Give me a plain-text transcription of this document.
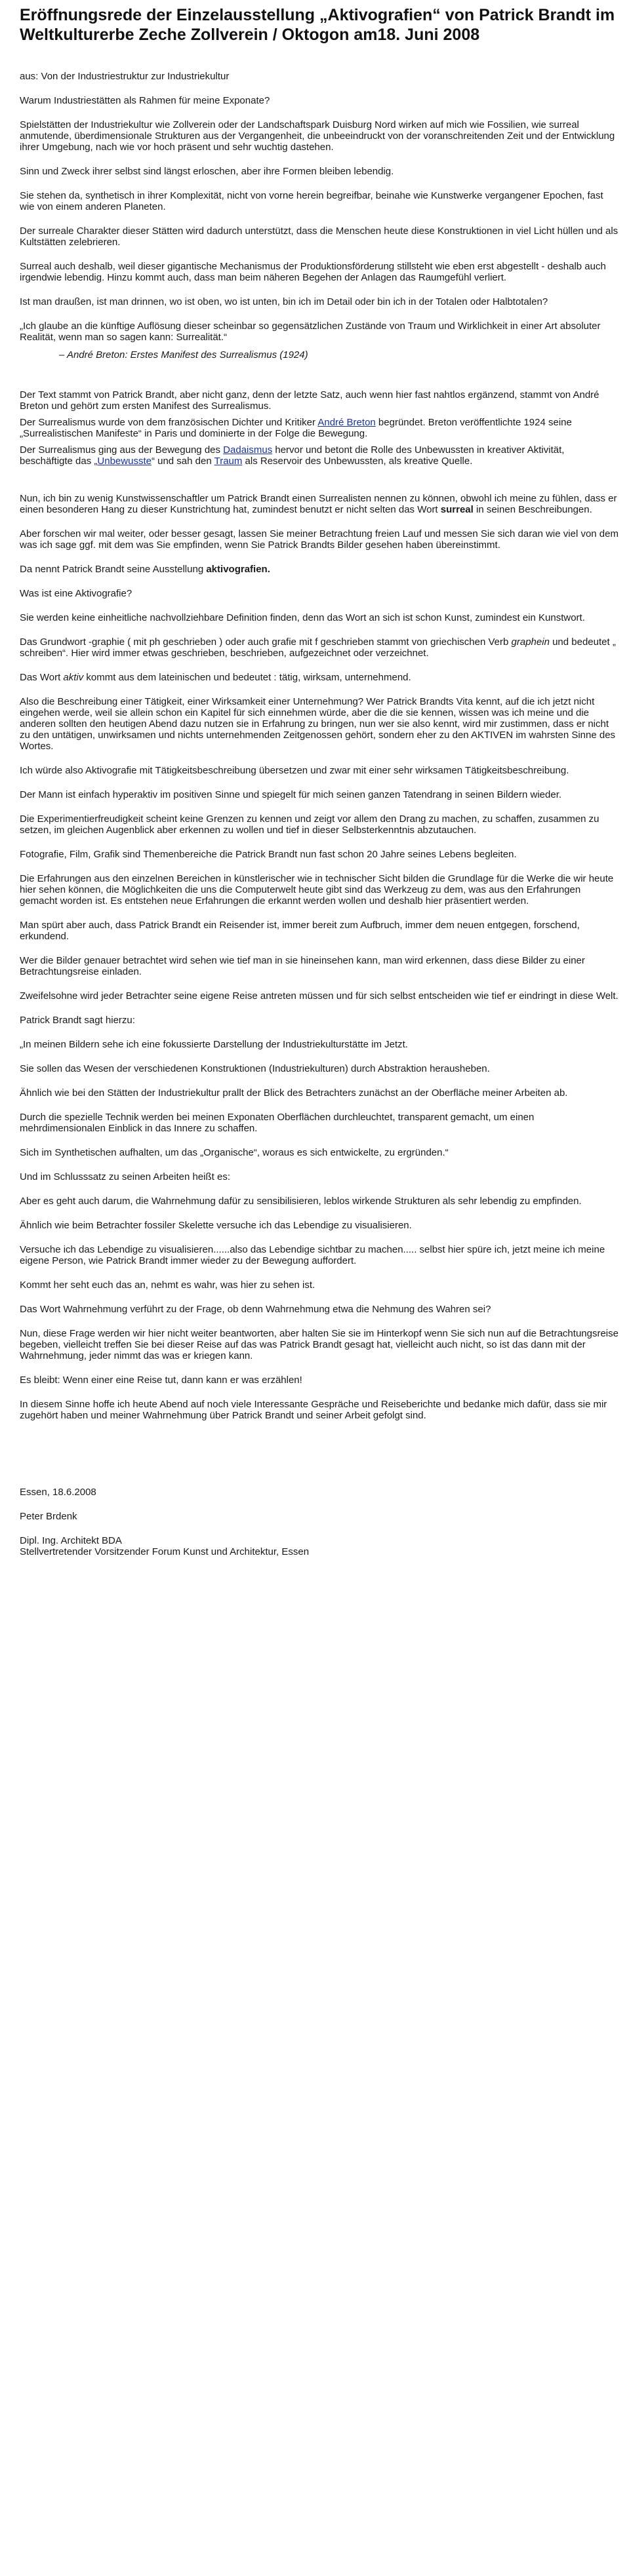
Eröffnungsrede der Einzelausstellung „Aktivografien“ von Patrick Brandt im Weltkulturerbe Zeche Zollverein / Oktogon am18. Juni 2008

aus: Von der Industriestruktur zur Industriekultur

Warum Industriestätten als Rahmen für meine Exponate?

Spielstätten der Industriekultur wie Zollverein oder der Landschaftspark Duisburg Nord wirken auf mich wie Fossilien, wie surreal anmutende, überdimensionale Strukturen aus der Vergangenheit, die unbeeindruckt von der voranschreitenden Zeit und der Entwicklung ihrer Umgebung, nach wie vor hoch präsent und sehr wuchtig dastehen.

Sinn und Zweck ihrer selbst sind längst erloschen, aber ihre Formen bleiben lebendig.

Sie stehen da, synthetisch in ihrer Komplexität, nicht von vorne herein begreifbar, beinahe wie Kunstwerke vergangener Epochen, fast wie von einem anderen Planeten.

Der surreale Charakter dieser Stätten wird dadurch unterstützt, dass die Menschen heute diese Konstruktionen in viel Licht hüllen und als Kultstätten zelebrieren.

Surreal auch deshalb, weil dieser gigantische Mechanismus der Produktionsförderung stillsteht wie eben erst abgestellt - deshalb auch irgendwie lebendig. Hinzu kommt auch, dass man beim näheren Begehen der Anlagen das Raumgefühl verliert.

Ist man draußen, ist man drinnen, wo ist oben, wo ist unten, bin ich im Detail oder bin ich in der Totalen oder Halbtotalen?

„Ich glaube an die künftige Auflösung dieser scheinbar so gegensätzlichen Zustände von Traum und Wirklichkeit in einer Art absoluter Realität, wenn man so sagen kann: Surrealität.“

– André Breton: Erstes Manifest des Surrealismus (1924)

Der Text stammt von Patrick Brandt, aber nicht ganz, denn der letzte Satz, auch wenn hier fast nahtlos ergänzend, stammt von André Breton und gehört zum ersten Manifest des Surrealismus.

Der Surrealismus wurde von dem französischen Dichter und Kritiker André Breton begründet. Breton veröffentlichte 1924 seine „Surrealistischen Manifeste“ in Paris und dominierte in der Folge die Bewegung.

Der Surrealismus ging aus der Bewegung des Dadaismus hervor und betont die Rolle des Unbewussten in kreativer Aktivität, beschäftigte das „Unbewusste“ und sah den Traum als Reservoir des Unbewussten, als kreative Quelle.

Nun, ich bin zu wenig Kunstwissenschaftler um Patrick Brandt einen Surrealisten nennen zu können, obwohl ich meine zu fühlen, dass er einen besonderen Hang zu dieser Kunstrichtung hat, zumindest benutzt er nicht selten das Wort surreal in seinen Beschreibungen.

Aber forschen wir mal weiter, oder besser gesagt, lassen Sie meiner Betrachtung freien Lauf und messen Sie sich daran wie viel von dem was ich sage ggf. mit dem was Sie empfinden, wenn Sie Patrick Brandts Bilder gesehen haben übereinstimmt.

Da nennt Patrick Brandt seine Ausstellung aktivografien.

Was ist eine Aktivografie?

Sie werden keine einheitliche nachvollziehbare Definition finden, denn das Wort an sich ist schon Kunst, zumindest ein Kunstwort.

Das Grundwort -graphie ( mit ph geschrieben ) oder auch grafie mit f geschrieben stammt von griechischen Verb graphein und bedeutet „ schreiben“. Hier wird immer etwas geschrieben, beschrieben, aufgezeichnet oder verzeichnet.

Das Wort aktiv kommt aus dem lateinischen und bedeutet : tätig, wirksam, unternehmend.

Also die Beschreibung einer Tätigkeit, einer Wirksamkeit einer Unternehmung? Wer Patrick Brandts Vita kennt, auf die ich jetzt nicht eingehen werde, weil sie allein schon ein Kapitel für sich einnehmen würde, aber die die sie kennen, wissen was ich meine und die anderen sollten den heutigen Abend dazu nutzen sie in Erfahrung zu bringen, nun wer sie also kennt, wird mir zustimmen, dass er nicht zu den untätigen, unwirksamen und nichts unternehmenden Zeitgenossen gehört, sondern eher zu den AKTIVEN im wahrsten Sinne des Wortes.

Ich würde also Aktivografie mit Tätigkeitsbeschreibung übersetzen und zwar mit einer sehr wirksamen Tätigkeitsbeschreibung.

Der Mann ist einfach hyperaktiv im positiven Sinne und spiegelt für mich seinen ganzen Tatendrang in seinen Bildern wieder.

Die Experimentierfreudigkeit scheint keine Grenzen zu kennen und zeigt vor allem den Drang zu machen, zu schaffen, zusammen zu setzen, im gleichen Augenblick aber erkennen zu wollen und tief in dieser Selbsterkenntnis abzutauchen.

Fotografie, Film, Grafik sind Themenbereiche die Patrick Brandt nun fast schon 20 Jahre seines Lebens begleiten.

Die Erfahrungen aus den einzelnen Bereichen in künstlerischer wie in technischer Sicht bilden die Grundlage für die Werke die wir heute hier sehen können, die Möglichkeiten die uns die Computerwelt heute gibt sind das Werkzeug zu dem, was aus den Erfahrungen gemacht worden ist. Es entstehen neue Erfahrungen die erkannt werden wollen und deshalb hier präsentiert werden.

Man spürt aber auch, dass Patrick Brandt ein Reisender ist, immer bereit zum Aufbruch, immer dem neuen entgegen, forschend, erkundend.

Wer die Bilder genauer betrachtet wird sehen wie tief man in sie hineinsehen kann, man wird erkennen, dass diese Bilder zu einer Betrachtungsreise einladen.

Zweifelsohne wird jeder Betrachter seine eigene Reise antreten müssen und für sich selbst entscheiden wie tief er eindringt in diese Welt.

Patrick Brandt sagt hierzu:

„In meinen Bildern sehe ich eine fokussierte Darstellung der Industriekulturstätte im Jetzt.

Sie sollen das Wesen der verschiedenen Konstruktionen (Industriekulturen) durch Abstraktion herausheben.

Ähnlich wie bei den Stätten der Industriekultur prallt der Blick des Betrachters zunächst an der Oberfläche meiner Arbeiten ab.

Durch die spezielle Technik werden bei meinen Exponaten Oberflächen durchleuchtet, transparent gemacht, um einen mehrdimensionalen Einblick in das Innere zu schaffen.

Sich im Synthetischen aufhalten, um das „Organische“, woraus es sich entwickelte, zu ergründen.“

Und im Schlusssatz zu seinen Arbeiten heißt es:

Aber es geht auch darum, die Wahrnehmung dafür zu sensibilisieren, leblos wirkende Strukturen als sehr lebendig zu empfinden.

Ähnlich wie beim Betrachter fossiler Skelette versuche ich das Lebendige zu visualisieren.

Versuche ich das Lebendige zu visualisieren......also das Lebendige sichtbar zu machen..... selbst hier spüre ich, jetzt meine ich meine eigene Person, wie Patrick Brandt immer wieder zu der Bewegung auffordert.

Kommt her seht euch das an, nehmt es wahr, was hier zu sehen ist.

Das Wort Wahrnehmung verführt zu der Frage, ob denn Wahrnehmung etwa die Nehmung des Wahren sei?

Nun, diese Frage werden wir hier nicht weiter beantworten, aber halten Sie sie im Hinterkopf wenn Sie sich nun auf die Betrachtungsreise begeben, vielleicht treffen Sie bei dieser Reise auf das was Patrick Brandt gesagt hat, vielleicht auch nicht, so ist das dann mit der Wahrnehmung, jeder nimmt das was er kriegen kann.

Es bleibt: Wenn einer eine Reise tut, dann kann er was erzählen!

In diesem Sinne hoffe ich heute Abend auf noch viele Interessante Gespräche und Reiseberichte und bedanke mich dafür, dass sie mir zugehört haben und meiner Wahrnehmung über Patrick Brandt und seiner Arbeit gefolgt sind.

Essen, 18.6.2008

Peter Brdenk

Dipl. Ing. Architekt BDA
Stellvertretender Vorsitzender Forum Kunst und Architektur, Essen
